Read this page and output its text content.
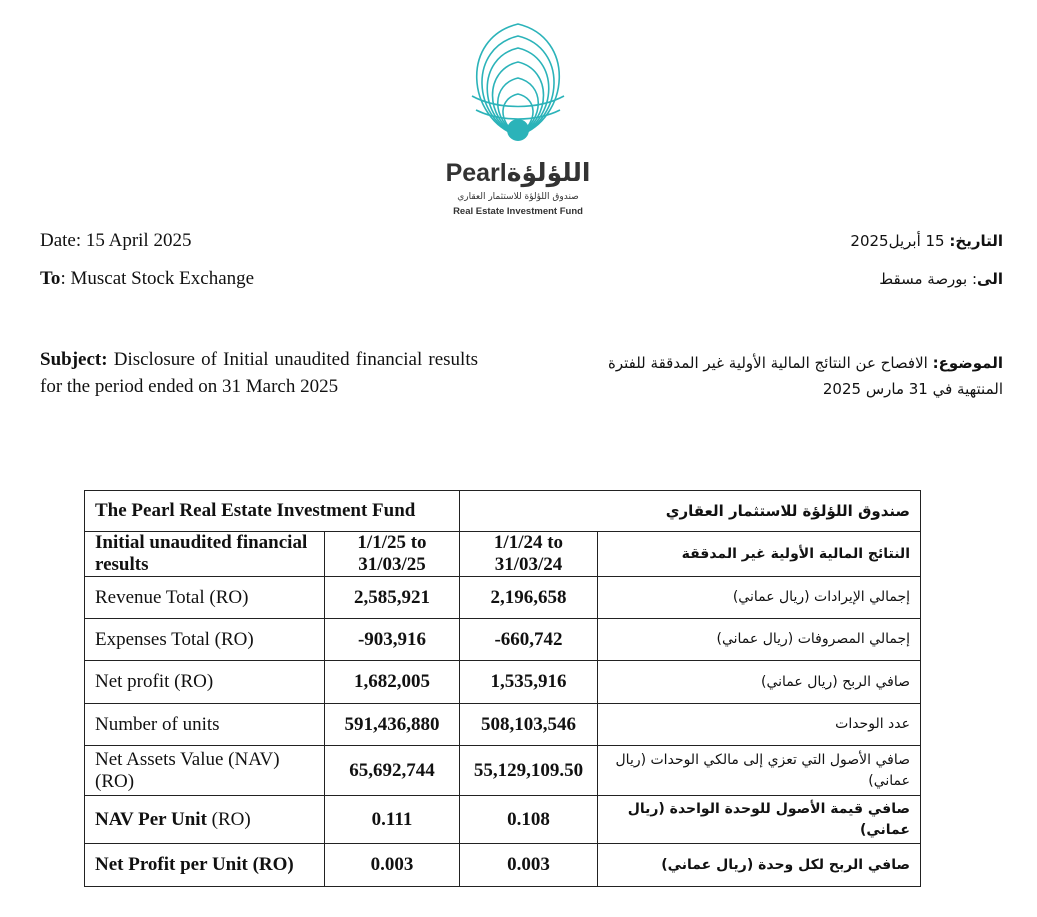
Pearlاللؤلؤة
صندوق اللؤلؤة للاستثمار العقاري
Real Estate Investment Fund
Date: 15 April 2025
To: Muscat Stock Exchange
التاريخ: 15 أبريل2025
الى: بورصة مسقط
Subject: Disclosure of Initial unaudited financial results for the period ended on 31 March 2025
الموضوع: الافصاح عن النتائج المالية الأولية غير المدققة للفترة المنتهية في 31 مارس 2025
The Pearl Real Estate Investment Fund		صندوق اللؤلؤة للاستثمار العقاري	
Initial unaudited financial results	1/1/25 to 31/03/25	1/1/24 to 31/03/24	النتائج المالية الأولية غير المدققة
Revenue Total (RO)	2,585,921	2,196,658	إجمالي الإيرادات (ريال عماني)
Expenses Total (RO)	-903,916	-660,742	إجمالي المصروفات (ريال عماني)
Net profit (RO)	1,682,005	1,535,916	صافي الربح (ريال عماني)
Number of units	591,436,880	508,103,546	عدد الوحدات
Net Assets Value (NAV) (RO)	65,692,744	55,129,109.50	صافي الأصول التي تعزي إلى مالكي الوحدات (ريال عماني)
NAV Per Unit (RO)	0.111	0.108	صافي قيمة الأصول للوحدة الواحدة (ريال عماني)
Net Profit per Unit (RO)	0.003	0.003	صافي الربح لكل وحدة (ريال عماني)
